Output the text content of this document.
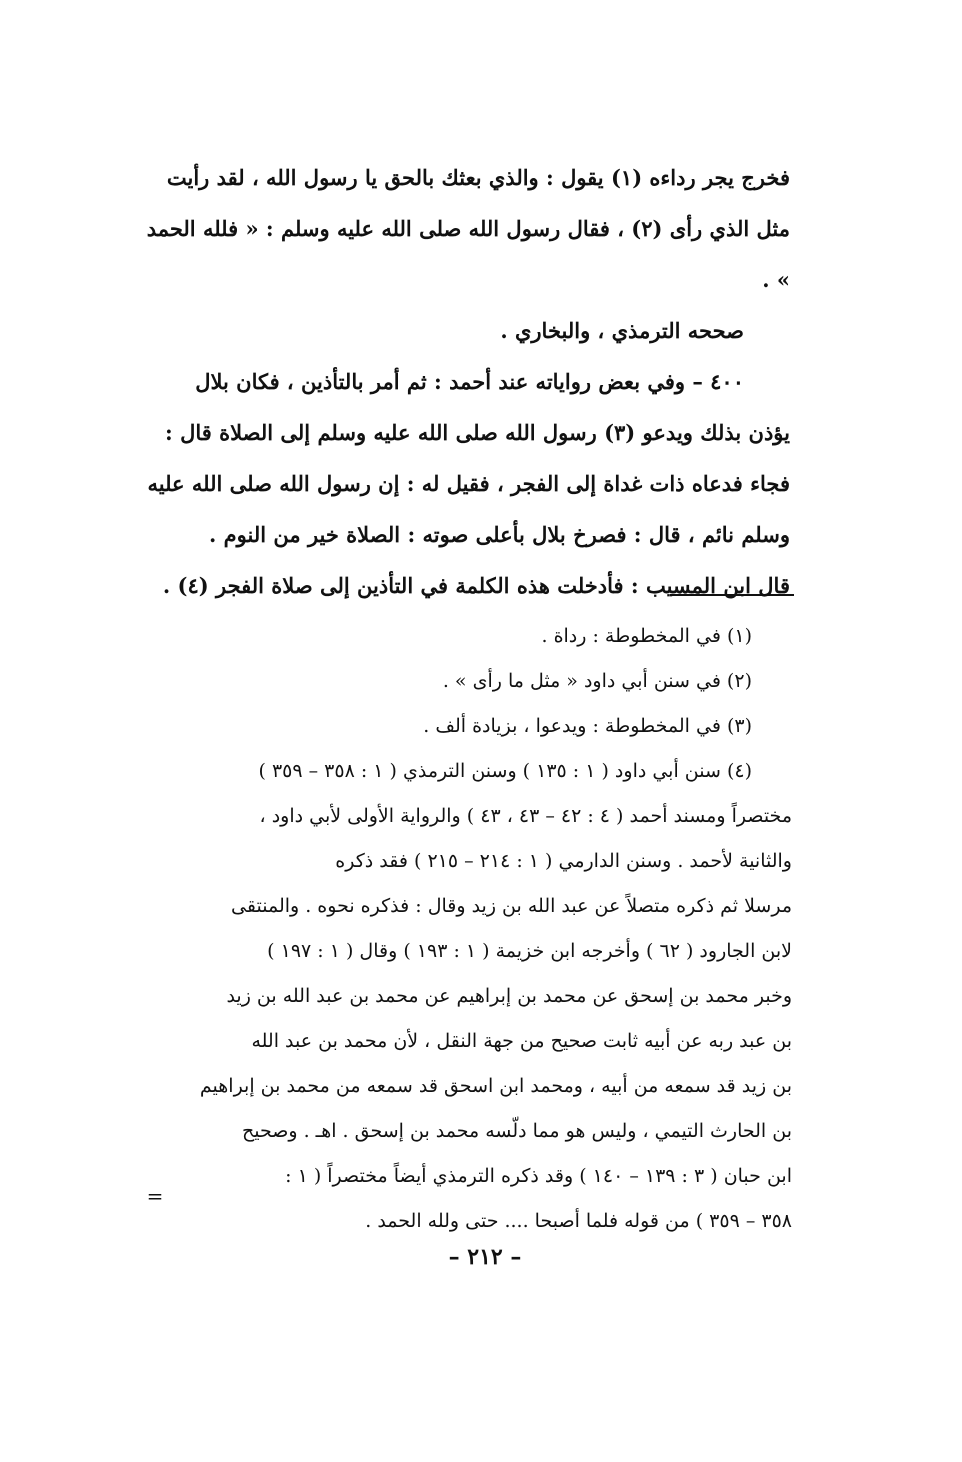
فخرج يجر رداءه (١) يقول : والذي بعثك بالحق يا رسول الله ، لقد رأيت

مثل الذي رأى (٢) ، فقال رسول الله صلى الله عليه وسلم : « فلله الحمد » .

صححه الترمذي ، والبخاري .

٤٠٠ – وفي بعض رواياته عند أحمد : ثم أمر بالتأذين ، فكان بلال

يؤذن بذلك ويدعو (٣) رسول الله صلى الله عليه وسلم إلى الصلاة قال :

فجاء فدعاه ذات غداة إلى الفجر ، فقيل له : إن رسول الله صلى الله عليه

وسلم نائم ، قال : فصرخ بلال بأعلى صوته : الصلاة خير من النوم .

قال ابن المسيب : فأدخلت هذه الكلمة في التأذين إلى صلاة الفجر (٤) .

(١) في المخطوطة : رداة .

(٢) في سنن أبي داود « مثل ما رأى » .

(٣) في المخطوطة : ويدعوا ، بزيادة ألف .

(٤) سنن أبي داود ( ١ : ١٣٥ ) وسنن الترمذي ( ١ : ٣٥٨ – ٣٥٩ )

مختصراً ومسند أحمد ( ٤ : ٤٢ – ٤٣ ، ٤٣ ) والرواية الأولى لأبي داود ،

والثانية لأحمد . وسنن الدارمي ( ١ : ٢١٤ – ٢١٥ ) فقد ذكره

مرسلا ثم ذكره متصلاً عن عبد الله بن زيد وقال : فذكره نحوه . والمنتقى

لابن الجارود ( ٦٢ ) وأخرجه ابن خزيمة ( ١ : ١٩٣ ) وقال ( ١ : ١٩٧ )

وخبر محمد بن إسحق عن محمد بن إبراهيم عن محمد بن عبد الله بن زيد

بن عبد ربه عن أبيه ثابت صحيح من جهة النقل ، لأن محمد بن عبد الله

بن زيد قد سمعه من أبيه ، ومحمد ابن اسحق قد سمعه من محمد بن إبراهيم

بن الحارث التيمي ، وليس هو مما دلّسه محمد بن إسحق . اهـ . وصحيح

ابن حبان ( ٣ : ١٣٩ – ١٤٠ ) وقد ذكره الترمذي أيضاً مختصراً ( ١ :

٣٥٨ – ٣٥٩ ) من قوله فلما أصبحا .... حتى ولله الحمد .

=
– ٢١٢ –
